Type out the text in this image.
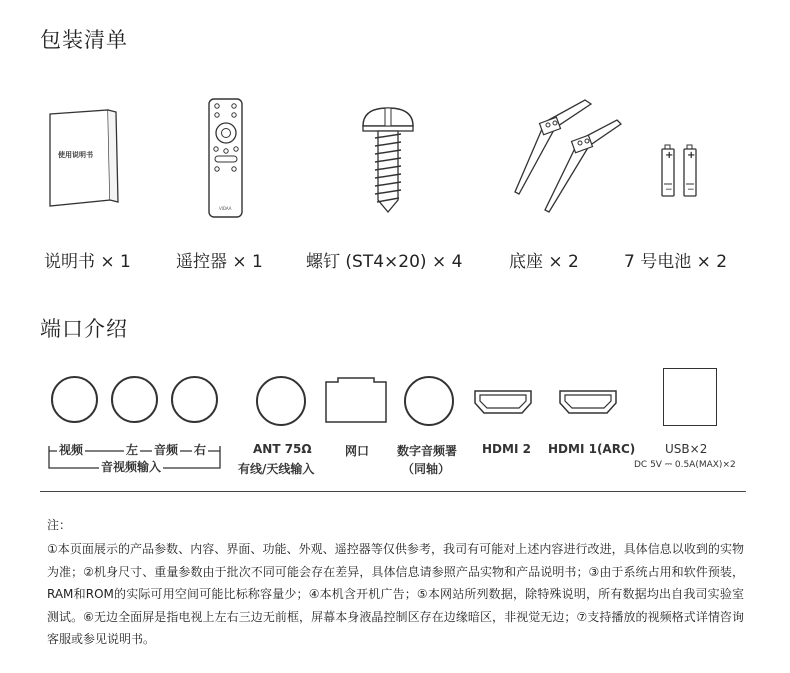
包装清单
使用说明书
VIDAA
+ +
− −
说明书 × 1	遥控器 × 1	螺钉 (ST4×20) × 4	底座 × 2	7 号电池 × 2
端口介绍
视频	左 音频 右
音视频输入
ANT 75Ω
有线/天线输入
网口 数字音频署
（同轴）
HDMI 2 HDMI 1(ARC) USB×2
DC 5V ⎓ 0.5A(MAX)×2
注：
①本页面展示的产品参数、内容、界面、功能、外观、遥控器等仅供参考，我司有可能对上述内容进行改进，具体信息以收到的实物为准；②机身尺寸、重量参数由于批次不同可能会存在差异，具体信息请参照产品实物和产品说明书；③由于系统占用和软件预装，RAM和ROM的实际可用空间可能比标称容量少；④本机含开机广告；⑤本网站所列数据，除特殊说明，所有数据均出自我司实验室测试。⑥无边全面屏是指电视上左右三边无前框，屏幕本身液晶控制区存在边缘暗区，非视觉无边；⑦支持播放的视频格式详情咨询客服或参见说明书。
